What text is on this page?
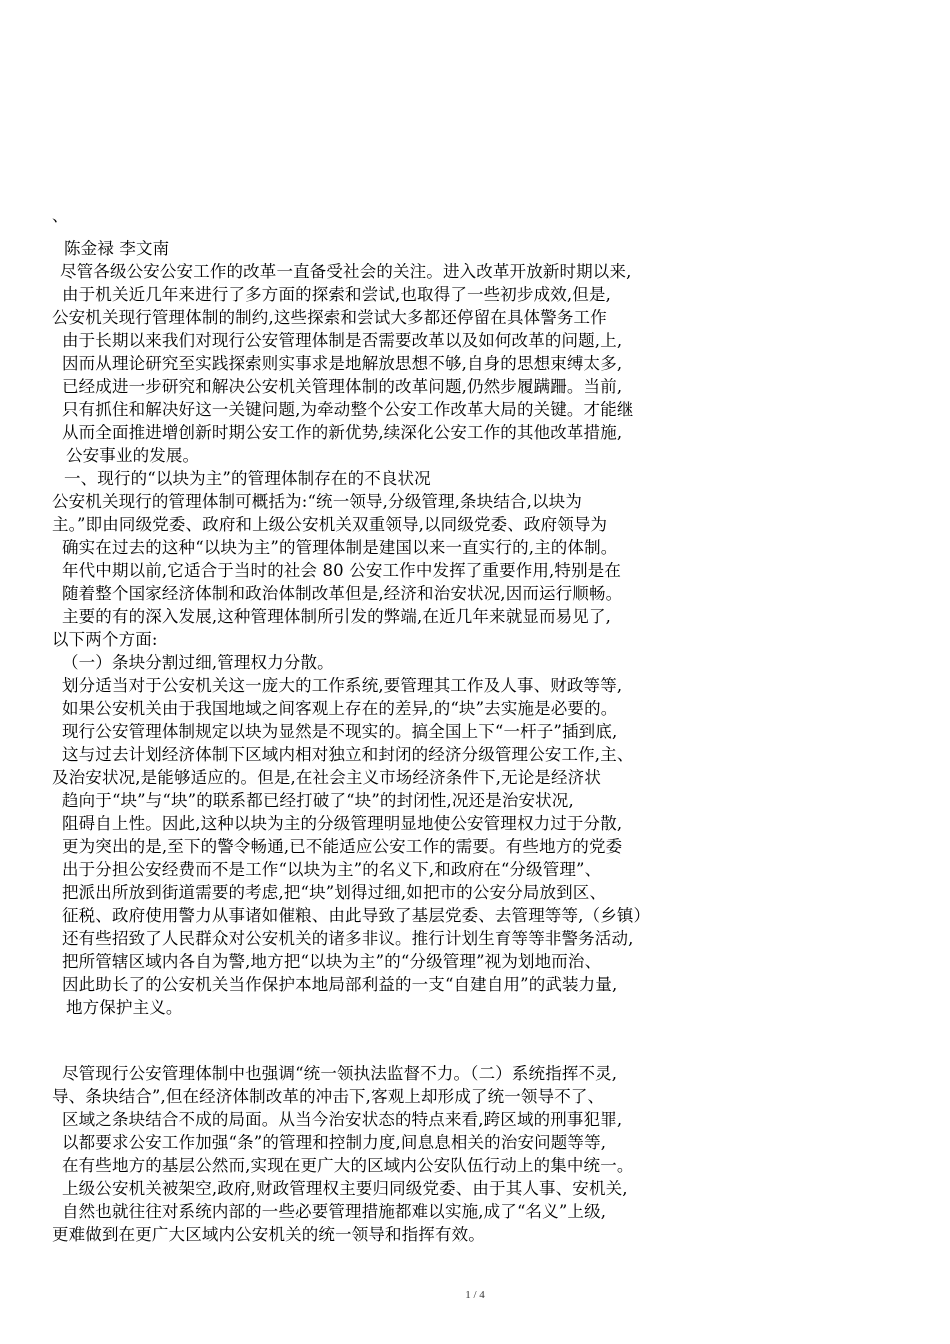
、
陈金禄 李文南
尽管各级公安公安工作的改革一直备受社会的关注。进入改革开放新时期以来,
由于机关近几年来进行了多方面的探索和尝试,也取得了一些初步成效,但是,
公安机关现行管理体制的制约,这些探索和尝试大多都还停留在具体警务工作
由于长期以来我们对现行公安管理体制是否需要改革以及如何改革的问题,上,
因而从理论研究至实践探索则实事求是地解放思想不够,自身的思想束缚太多,
已经成进一步研究和解决公安机关管理体制的改革问题,仍然步履蹒跚。当前,
只有抓住和解决好这一关键问题,为牵动整个公安工作改革大局的关键。才能继
从而全面推进增创新时期公安工作的新优势,续深化公安工作的其他改革措施,
公安事业的发展。
一、现行的“以块为主”的管理体制存在的不良状况
公安机关现行的管理体制可概括为:“统一领导,分级管理,条块结合,以块为
主。”即由同级党委、政府和上级公安机关双重领导,以同级党委、政府领导为
确实在过去的这种“以块为主”的管理体制是建国以来一直实行的,主的体制。
年代中期以前,它适合于当时的社会 80 公安工作中发挥了重要作用,特别是在
随着整个国家经济体制和政治体制改革但是,经济和治安状况,因而运行顺畅。
主要的有的深入发展,这种管理体制所引发的弊端,在近几年来就显而易见了,
以下两个方面:
（一）条块分割过细,管理权力分散。
划分适当对于公安机关这一庞大的工作系统,要管理其工作及人事、财政等等,
如果公安机关由于我国地域之间客观上存在的差异,的“块”去实施是必要的。
现行公安管理体制规定以块为显然是不现实的。搞全国上下“一杆子”插到底,
这与过去计划经济体制下区域内相对独立和封闭的经济分级管理公安工作,主、
及治安状况,是能够适应的。但是,在社会主义市场经济条件下,无论是经济状
趋向于“块”与“块”的联系都已经打破了“块”的封闭性,况还是治安状况,
阻碍自上性。因此,这种以块为主的分级管理明显地使公安管理权力过于分散,
更为突出的是,至下的警令畅通,已不能适应公安工作的需要。有些地方的党委
出于分担公安经费而不是工作“以块为主”的名义下,和政府在“分级管理”、
把派出所放到街道需要的考虑,把“块”划得过细,如把市的公安分局放到区、
征税、政府使用警力从事诸如催粮、由此导致了基层党委、去管理等等,（乡镇）
还有些招致了人民群众对公安机关的诸多非议。推行计划生育等等非警务活动,
把所管辖区域内各自为警,地方把“以块为主”的“分级管理”视为划地而治、
因此助长了的公安机关当作保护本地局部利益的一支“自建自用”的武装力量,
地方保护主义。
尽管现行公安管理体制中也强调“统一领执法监督不力。（二）系统指挥不灵,
导、条块结合”,但在经济体制改革的冲击下,客观上却形成了统一领导不了、
区域之条块结合不成的局面。从当今治安状态的特点来看,跨区域的刑事犯罪,
以都要求公安工作加强“条”的管理和控制力度,间息息相关的治安问题等等,
在有些地方的基层公然而,实现在更广大的区域内公安队伍行动上的集中统一。
上级公安机关被架空,政府,财政管理权主要归同级党委、由于其人事、安机关,
自然也就往往对系统内部的一些必要管理措施都难以实施,成了“名义”上级,
更难做到在更广大区域内公安机关的统一领导和指挥有效。
1 / 4
